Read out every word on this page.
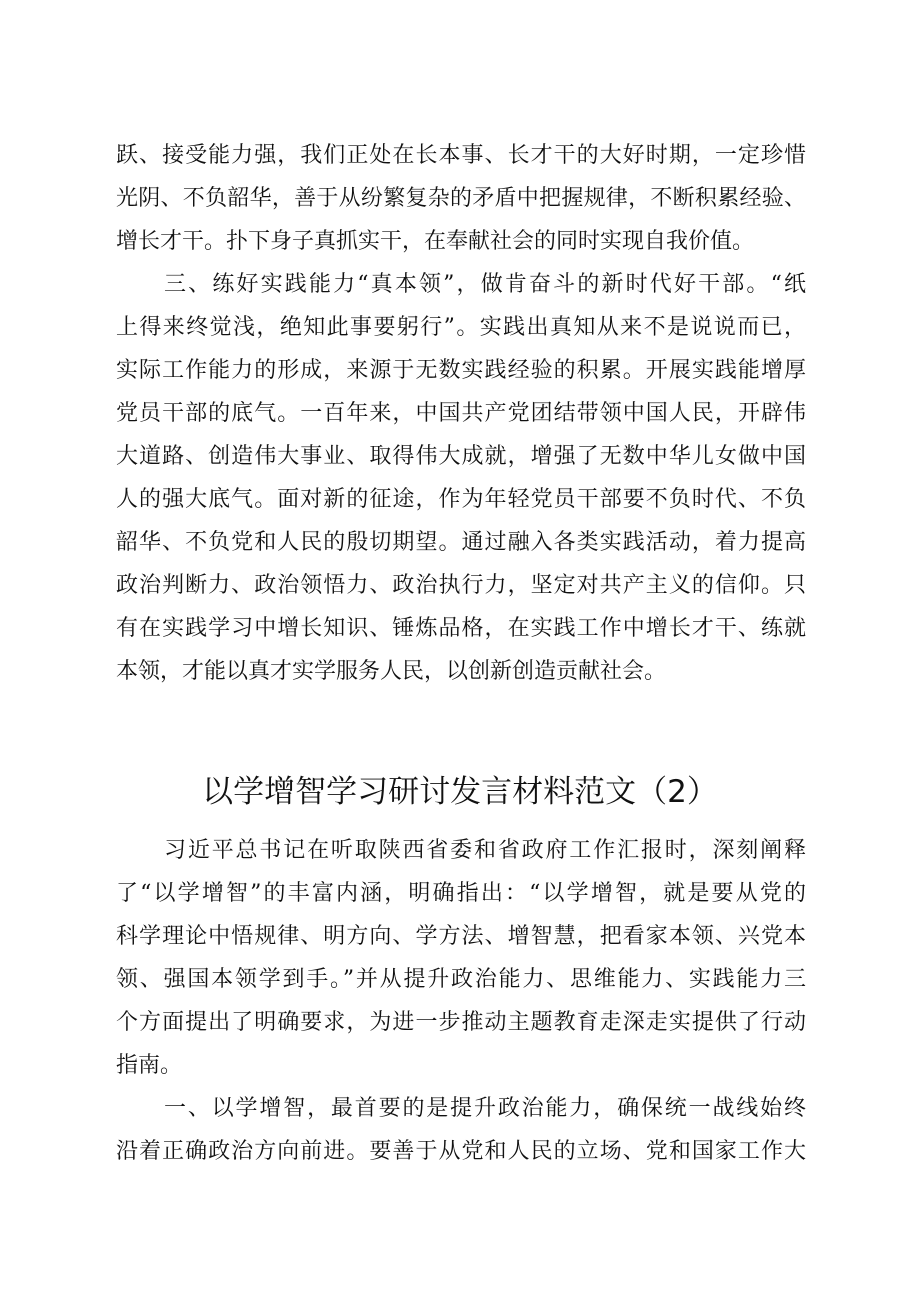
跃、接受能力强，我们正处在长本事、长才干的大好时期，一定珍惜
光阴、不负韶华，善于从纷繁复杂的矛盾中把握规律，不断积累经验、
增长才干。扑下身子真抓实干，在奉献社会的同时实现自我价值。
三、练好实践能力“真本领”，做肯奋斗的新时代好干部。“纸
上得来终觉浅，绝知此事要躬行”。实践出真知从来不是说说而已，
实际工作能力的形成，来源于无数实践经验的积累。开展实践能增厚
党员干部的底气。一百年来，中国共产党团结带领中国人民，开辟伟
大道路、创造伟大事业、取得伟大成就，增强了无数中华儿女做中国
人的强大底气。面对新的征途，作为年轻党员干部要不负时代、不负
韶华、不负党和人民的殷切期望。通过融入各类实践活动，着力提高
政治判断力、政治领悟力、政治执行力，坚定对共产主义的信仰。只
有在实践学习中增长知识、锤炼品格，在实践工作中增长才干、练就
本领，才能以真才实学服务人民，以创新创造贡献社会。
以学增智学习研讨发言材料范文（2）
习近平总书记在听取陕西省委和省政府工作汇报时，深刻阐释
了“以学增智”的丰富内涵，明确指出：“以学增智，就是要从党的
科学理论中悟规律、明方向、学方法、增智慧，把看家本领、兴党本
领、强国本领学到手。”并从提升政治能力、思维能力、实践能力三
个方面提出了明确要求，为进一步推动主题教育走深走实提供了行动
指南。
一、以学增智，最首要的是提升政治能力，确保统一战线始终
沿着正确政治方向前进。要善于从党和人民的立场、党和国家工作大
